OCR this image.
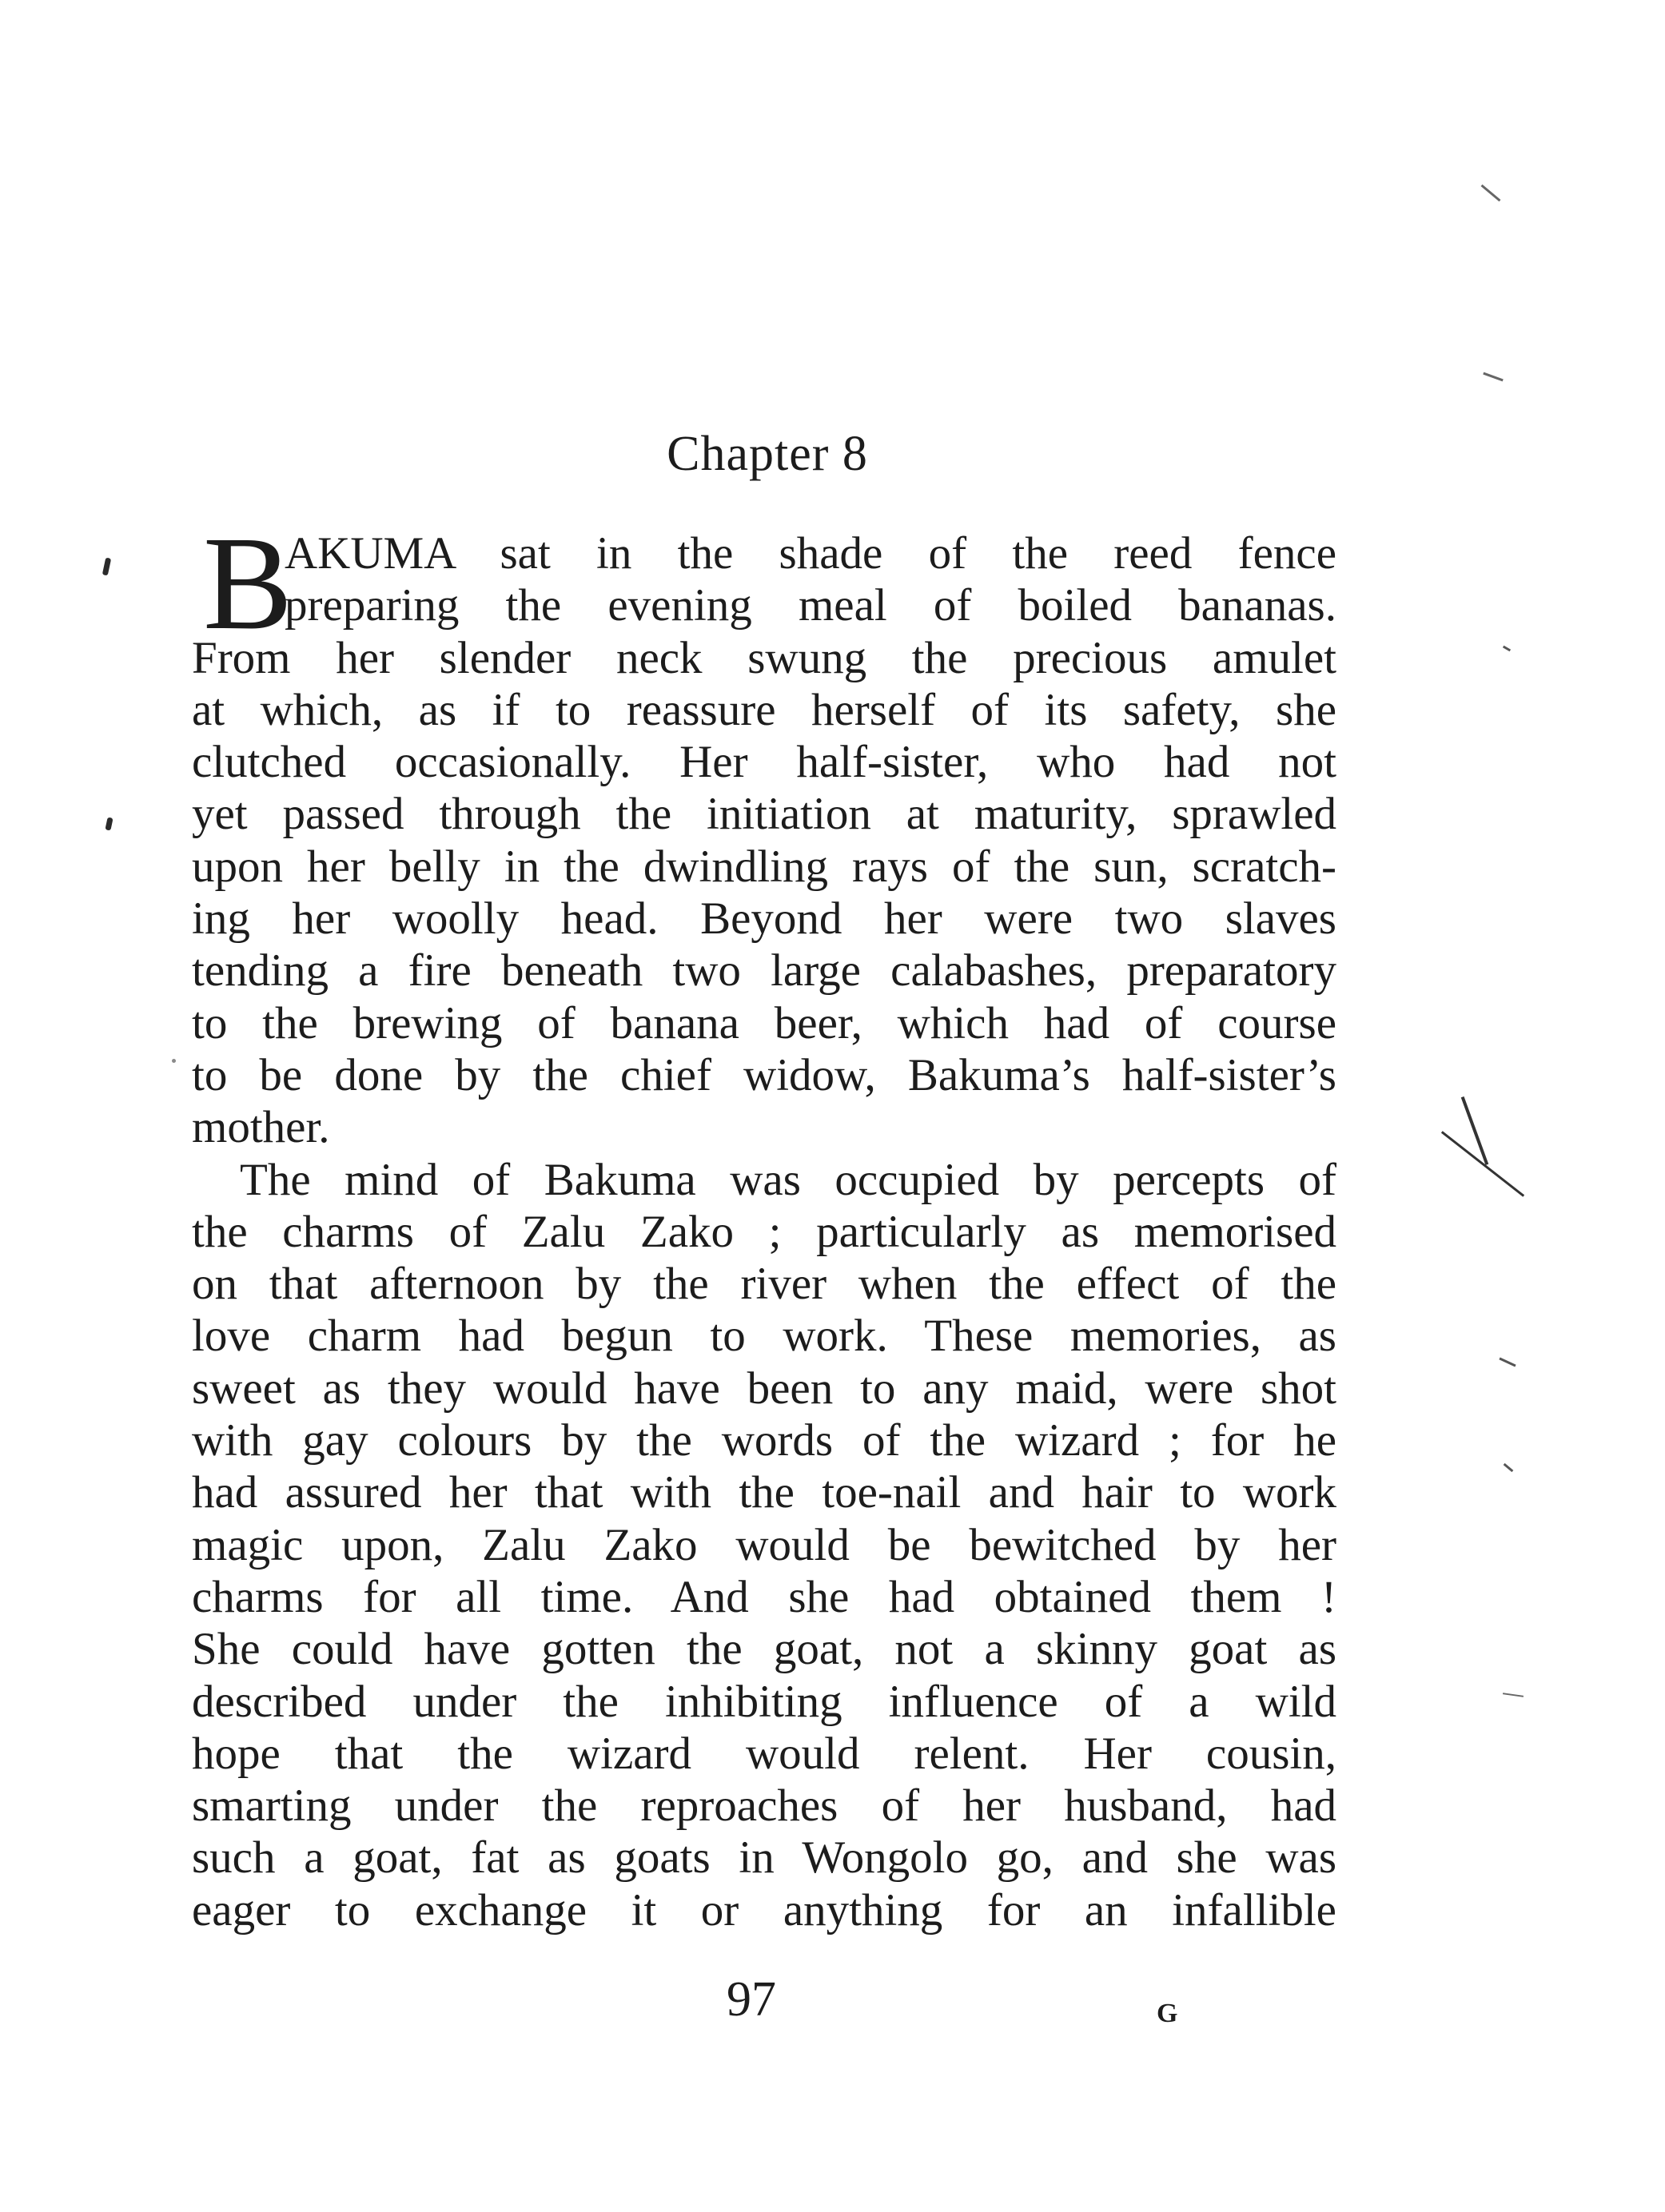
Chapter 8
B
AKUMA sat in the shade of the reed fence
preparing the evening meal of boiled bananas.
From her slender neck swung the precious amulet
at which, as if to reassure herself of its safety, she
clutched occasionally. Her half-sister, who had not
yet passed through the initiation at maturity, sprawled
upon her belly in the dwindling rays of the sun, scratch-
ing her woolly head. Beyond her were two slaves
tending a fire beneath two large calabashes, preparatory
to the brewing of banana beer, which had of course
to be done by the chief widow, Bakuma’s half-sister’s
mother.
The mind of Bakuma was occupied by percepts of
the charms of Zalu Zako ; particularly as memorised
on that afternoon by the river when the effect of the
love charm had begun to work. These memories, as
sweet as they would have been to any maid, were shot
with gay colours by the words of the wizard ; for he
had assured her that with the toe-nail and hair to work
magic upon, Zalu Zako would be bewitched by her
charms for all time. And she had obtained them !
She could have gotten the goat, not a skinny goat as
described under the inhibiting influence of a wild
hope that the wizard would relent. Her cousin,
smarting under the reproaches of her husband, had
such a goat, fat as goats in Wongolo go, and she was
eager to exchange it or anything for an infallible
97	G
